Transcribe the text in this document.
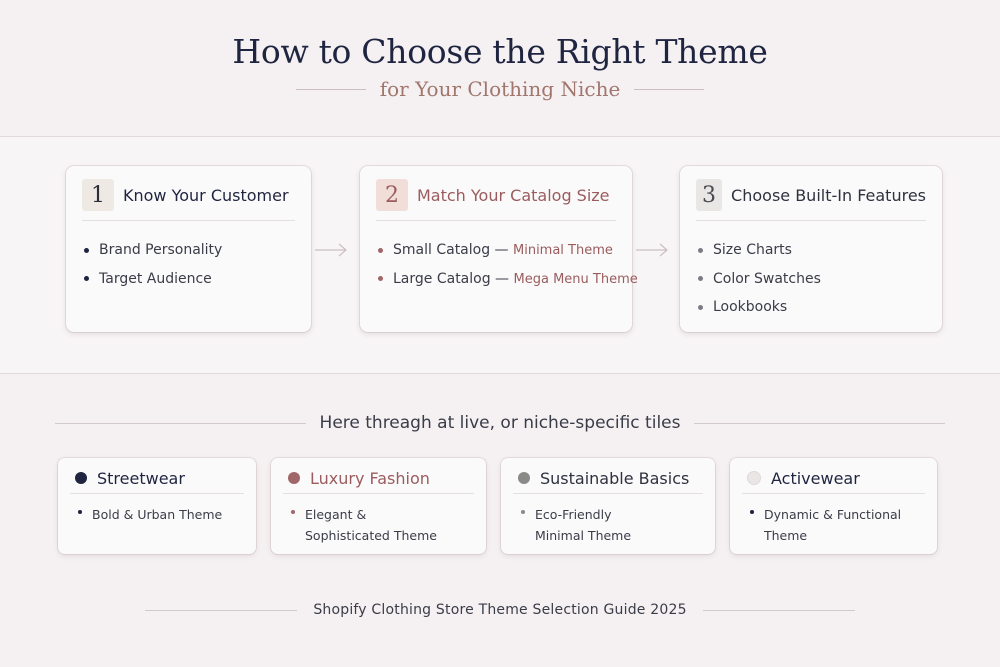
How to Choose the Right Theme
for Your Clothing Niche
1	Know Your Customer
Brand Personality
Target Audience
2	Match Your Catalog Size
Small Catalog — Minimal Theme
Large Catalog — Mega Menu Theme
3 Choose Built-In Features
Size Charts
Color Swatches
Lookbooks
Here threagh at live, or niche-specific tiles
Streetwear
Bold & Urban Theme
Luxury Fashion
Elegant &
Sophisticated Theme
Sustainable Basics
Eco-Friendly
Minimal Theme
Activewear
Dynamic & Functional
Theme
Shopify Clothing Store Theme Selection Guide 2025
